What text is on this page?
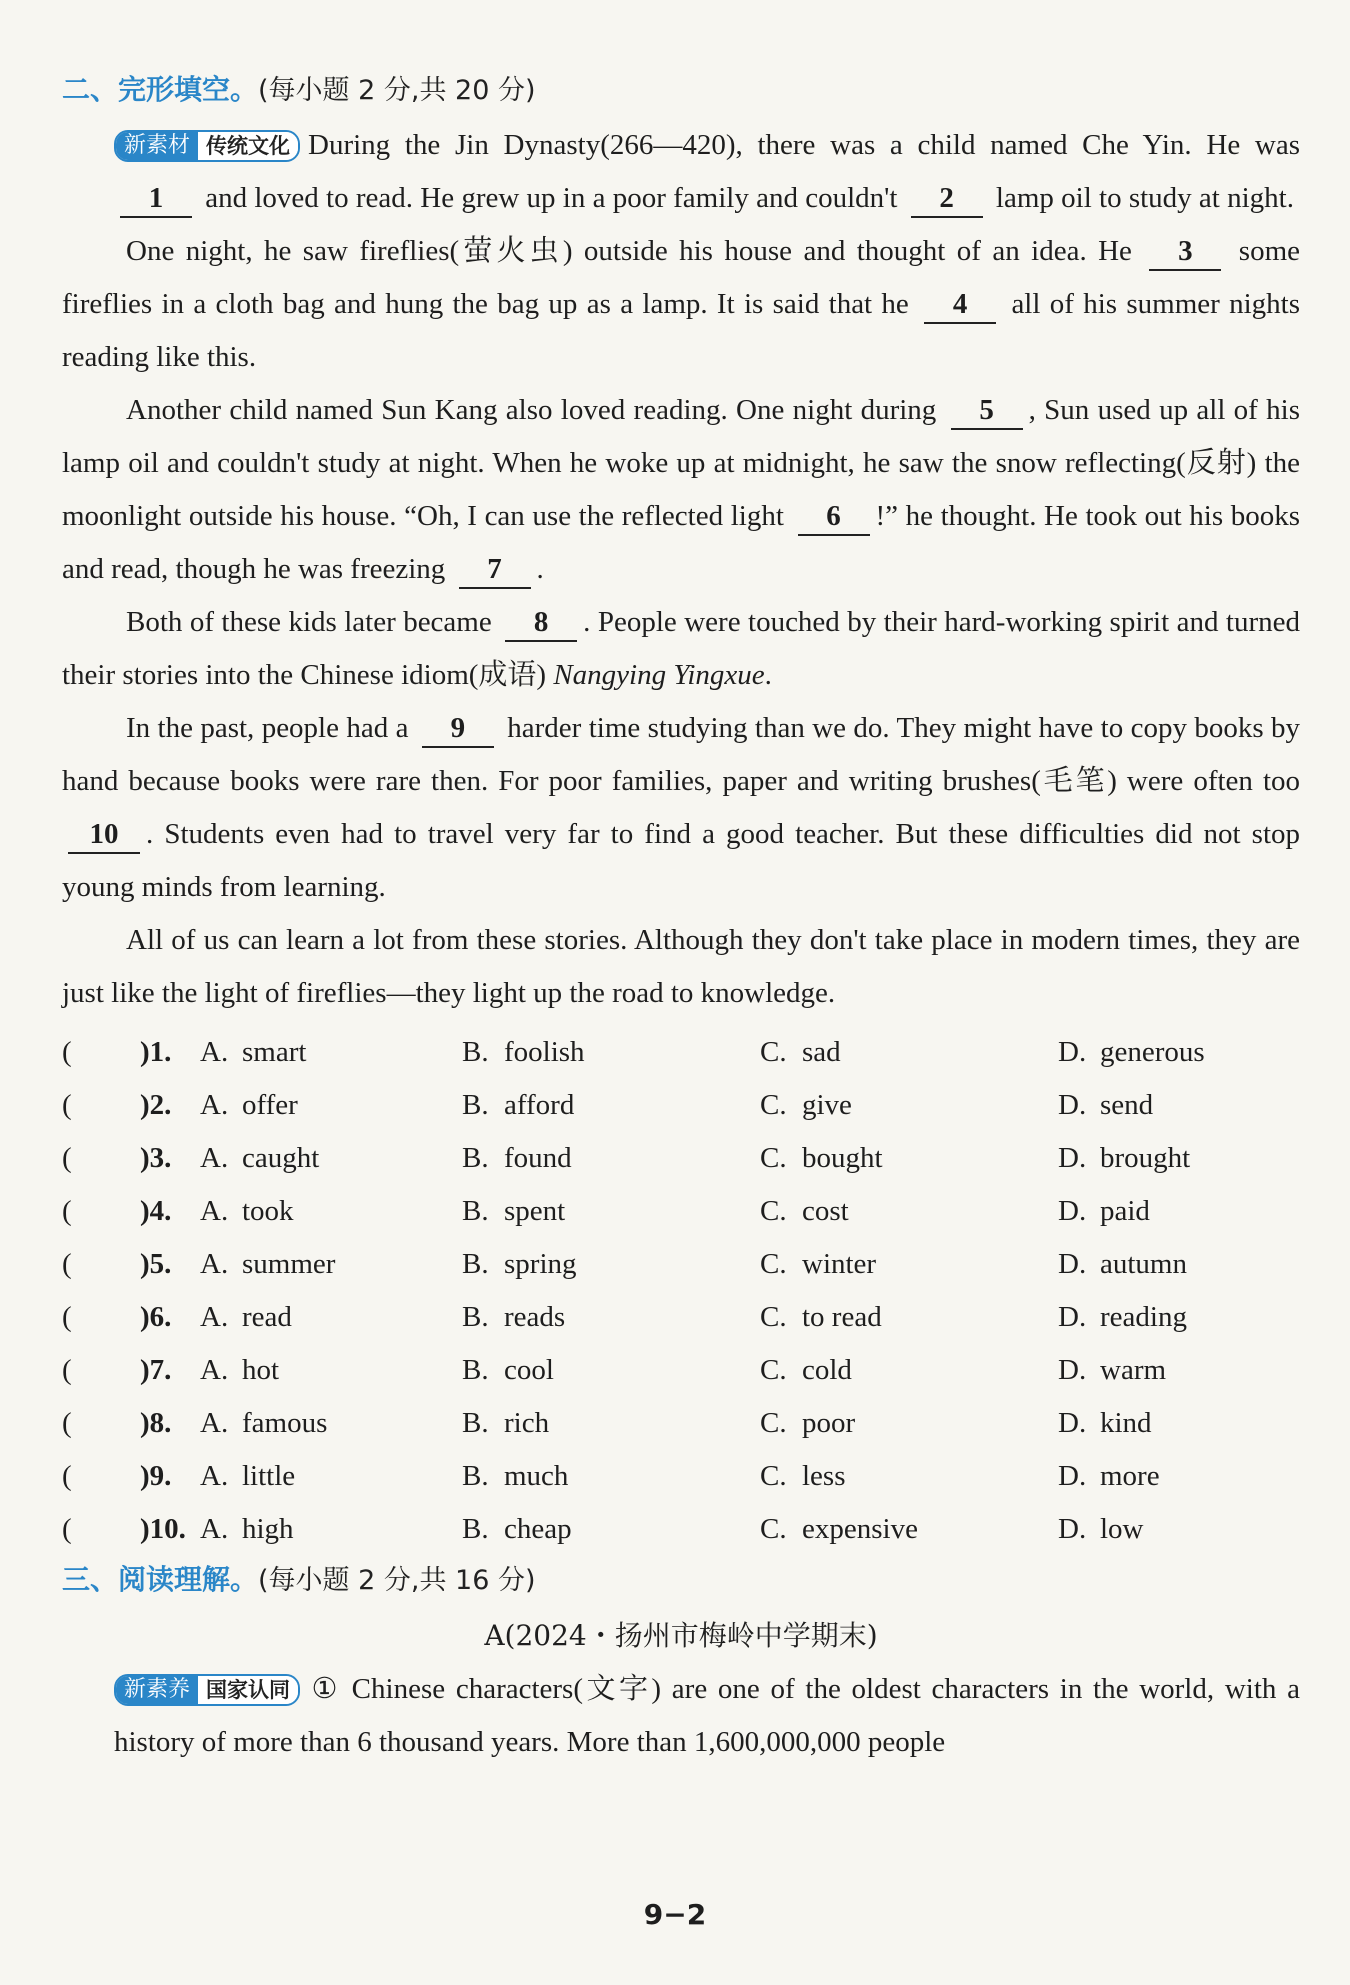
二、完形填空。(每小题 2 分,共 20 分)

新素材 传统文化 During the Jin Dynasty(266—420), there was a child named Che Yin. He was 1 and loved to read. He grew up in a poor family and couldn't 2 lamp oil to study at night.

One night, he saw fireflies(萤火虫) outside his house and thought of an idea. He 3 some fireflies in a cloth bag and hung the bag up as a lamp. It is said that he 4 all of his summer nights reading like this.

Another child named Sun Kang also loved reading. One night during 5 , Sun used up all of his lamp oil and couldn't study at night. When he woke up at midnight, he saw the snow reflecting(反射) the moonlight outside his house. “Oh, I can use the reflected light 6 !” he thought. He took out his books and read, though he was freezing 7 .

Both of these kids later became 8 . People were touched by their hard-working spirit and turned their stories into the Chinese idiom(成语) Nangying Yingxue.

In the past, people had a 9 harder time studying than we do. They might have to copy books by hand because books were rare then. For poor families, paper and writing brushes(毛笔) were often too 10 . Students even had to travel very far to find a good teacher. But these difficulties did not stop young minds from learning.

All of us can learn a lot from these stories. Although they don't take place in modern times, they are just like the light of fireflies—they light up the road to knowledge.

(	)1. A. smart	B. foolish	C. sad	D. generous
(	)2. A. offer	B. afford	C. give	D. send
(	)3. A. caught	B. found	C. bought	D. brought
(	)4. A. took	B. spent	C. cost	D. paid
(	)5. A. summer	B. spring	C. winter	D. autumn
(	)6. A. read	B. reads	C. to read	D. reading
(	)7. A. hot	B. cool	C. cold	D. warm
(	)8. A. famous	B. rich	C. poor	D. kind
(	)9. A. little	B. much	C. less	D. more
(	)10. A. high	B. cheap	C. expensive	D. low
三、阅读理解。(每小题 2 分,共 16 分)
A(2024・扬州市梅岭中学期末)

新素养 国家认同 ① Chinese characters(文字) are one of the oldest characters in the world, with a history of more than 6 thousand years. More than 1,600,000,000 people

9−2
